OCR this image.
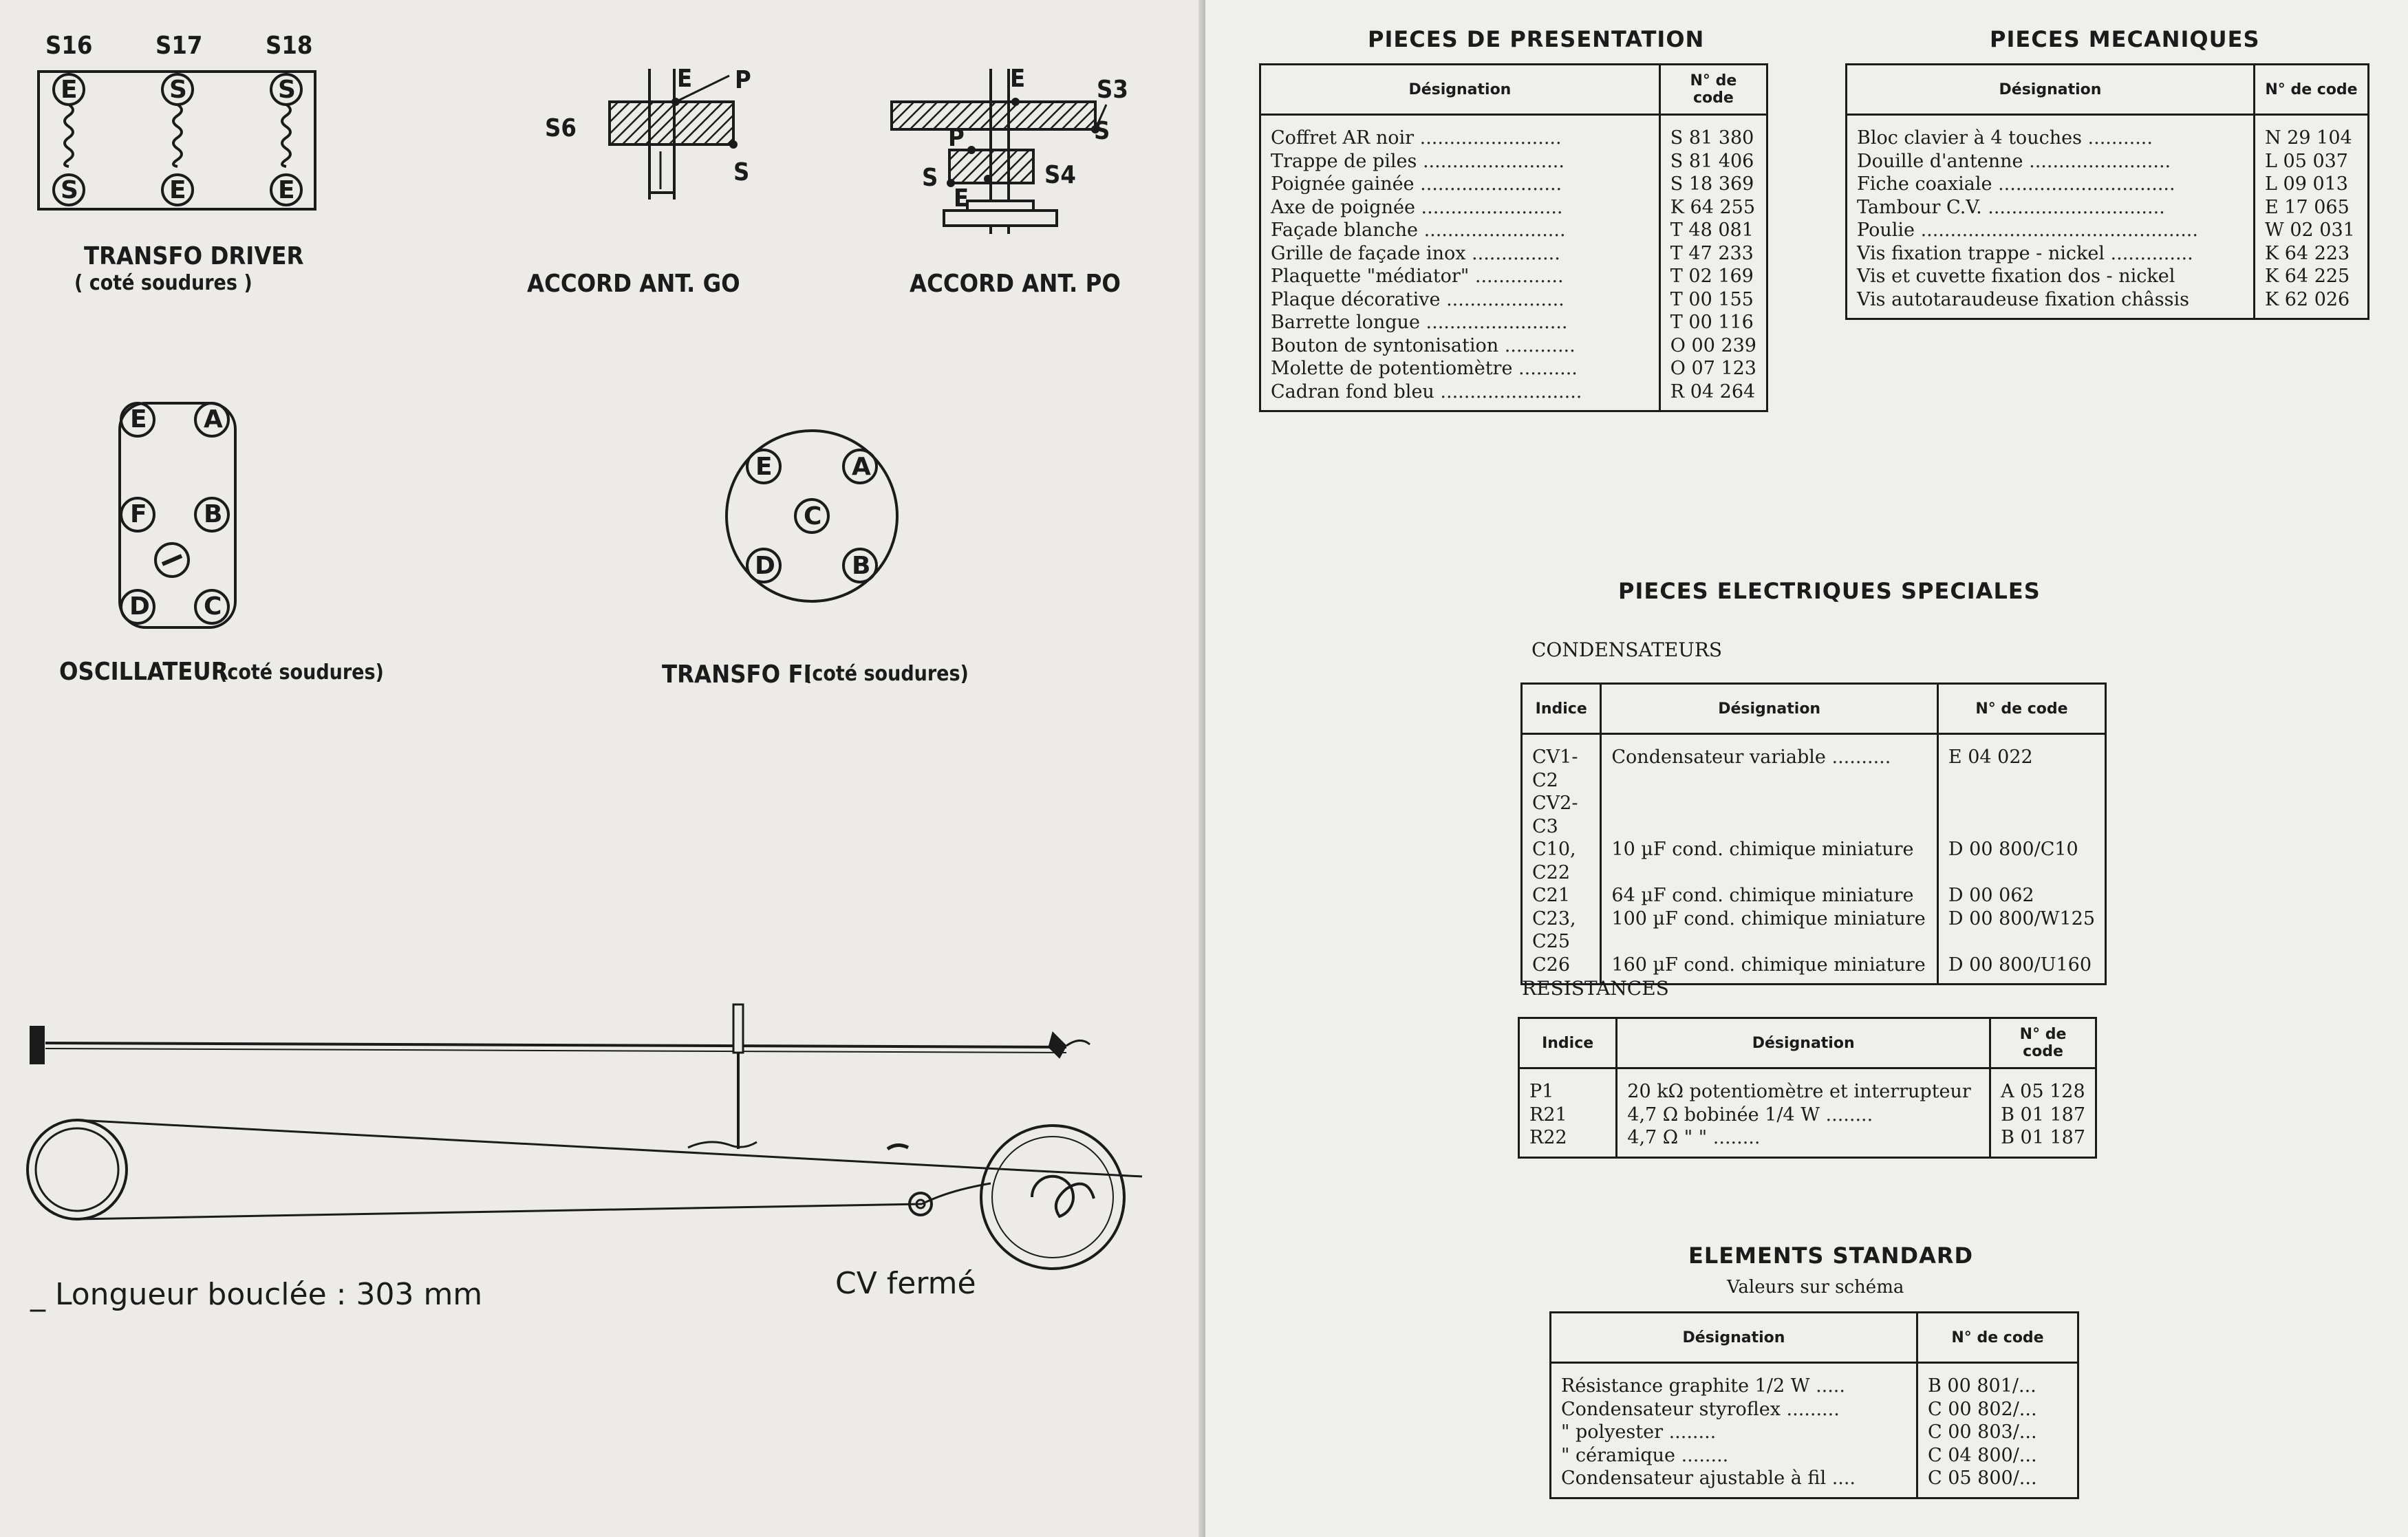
S16	S17	S18
E	S	S
S	E	E
TRANSFO DRIVER
( coté soudures )
S6
E P
S
ACCORD ANT. GO
E	S3
S
P
S	S4
E
ACCORD ANT. PO
E A
F B
D C
OSCILLATEUR
(coté soudures)
E	A
C
D	B
TRANSFO FI
(coté soudures)
_ Longueur bouclée : 303 mm	CV fermé
PIECES DE PRESENTATION
Désignation	N° de code
Coffret AR noir ........................	S 81 380
Trappe de piles ........................	S 81 406
Poignée gainée ........................	S 18 369
Axe de poignée ........................	K 64 255
Façade blanche ........................	T 48 081
Grille de façade inox ...............	T 47 233
Plaquette "médiator" ...............	T 02 169
Plaque décorative ....................	T 00 155
Barrette longue ........................	T 00 116
Bouton de syntonisation ............	O 00 239
Molette de potentiomètre ..........	O 07 123
Cadran fond bleu ........................	R 04 264
PIECES MECANIQUES
Désignation	N° de code
Bloc clavier à 4 touches ...........	N 29 104
Douille d'antenne ........................	L 05 037
Fiche coaxiale ..............................	L 09 013
Tambour C.V. ..............................	E 17 065
Poulie ...............................................	W 02 031
Vis fixation trappe - nickel ..............	K 64 223
Vis et cuvette fixation dos - nickel	K 64 225
Vis autotaraudeuse fixation châssis	K 62 026
PIECES ELECTRIQUES SPECIALES
CONDENSATEURS
Indice	Désignation	N° de code
CV1-C2 CV2-C3	Condensateur variable ..........	E 04 022
C10, C22	10 µF cond. chimique miniature	D 00 800/C10
C21	64 µF cond. chimique miniature	D 00 062
C23, C25	100 µF cond. chimique miniature	D 00 800/W125
C26	160 µF cond. chimique miniature	D 00 800/U160
RESISTANCES
Indice	Désignation	N° de code
P1	20 kΩ potentiomètre et interrupteur	A 05 128
R21	4,7 Ω bobinée 1/4 W ........	B 01 187
R22	4,7 Ω " " ........	B 01 187
ELEMENTS STANDARD
Valeurs sur schéma
Désignation	N° de code
Résistance graphite 1/2 W .....	B 00 801/...
Condensateur styroflex .........	C 00 802/...
" polyester ........	C 00 803/...
" céramique ........	C 04 800/...
Condensateur ajustable à fil ....	C 05 800/...
